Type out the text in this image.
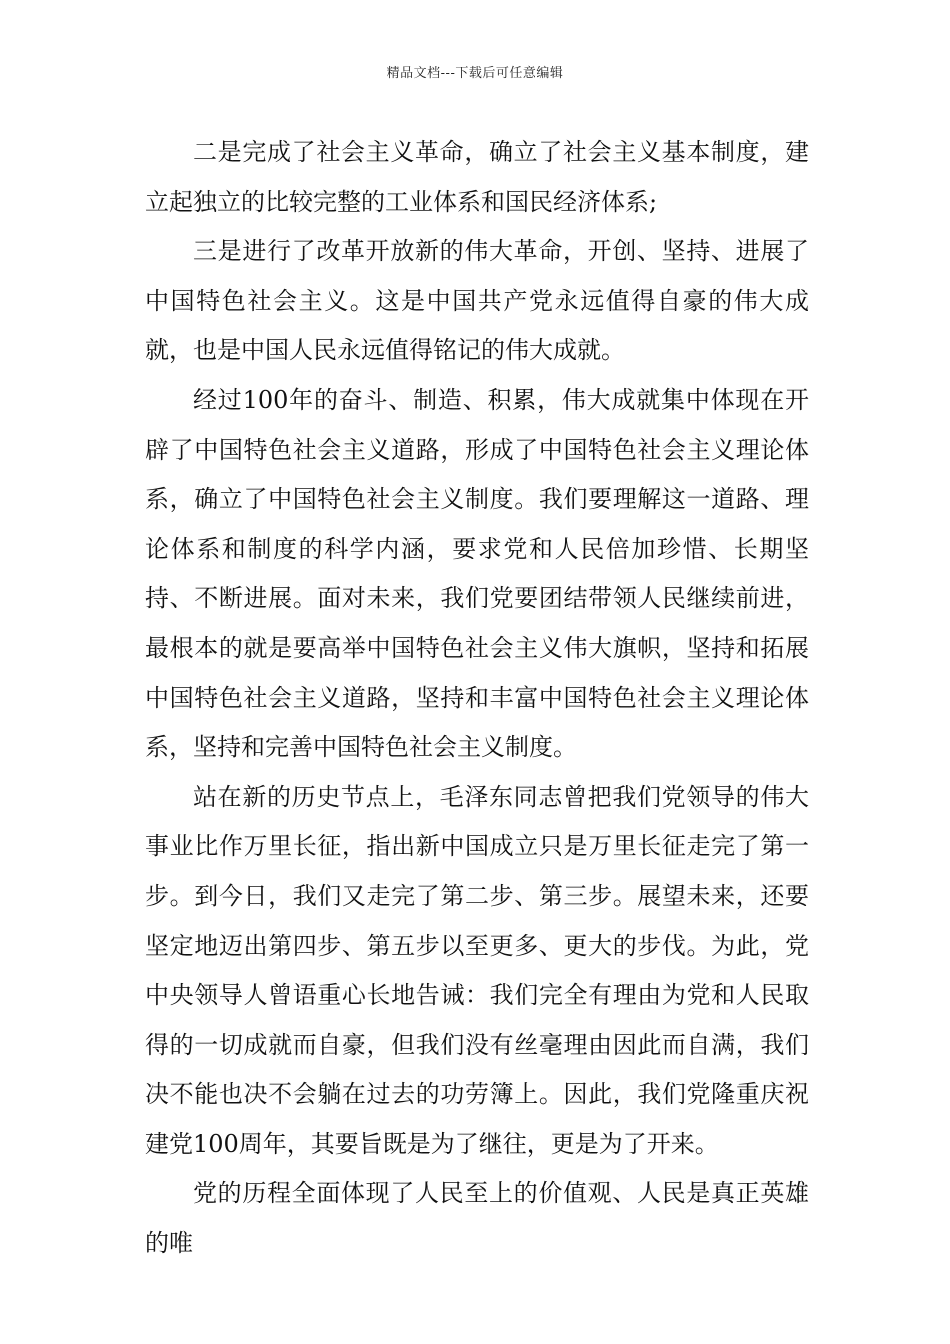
精品文档---下载后可任意编辑

二是完成了社会主义革命，确立了社会主义基本制度，建立起独立的比较完整的工业体系和国民经济体系;

三是进行了改革开放新的伟大革命，开创、坚持、进展了中国特色社会主义。这是中国共产党永远值得自豪的伟大成就，也是中国人民永远值得铭记的伟大成就。

经过100年的奋斗、制造、积累，伟大成就集中体现在开辟了中国特色社会主义道路，形成了中国特色社会主义理论体系，确立了中国特色社会主义制度。我们要理解这一道路、理论体系和制度的科学内涵，要求党和人民倍加珍惜、长期坚持、不断进展。面对未来，我们党要团结带领人民继续前进，最根本的就是要高举中国特色社会主义伟大旗帜，坚持和拓展中国特色社会主义道路，坚持和丰富中国特色社会主义理论体系，坚持和完善中国特色社会主义制度。

站在新的历史节点上，毛泽东同志曾把我们党领导的伟大事业比作万里长征，指出新中国成立只是万里长征走完了第一步。到今日，我们又走完了第二步、第三步。展望未来，还要坚定地迈出第四步、第五步以至更多、更大的步伐。为此，党中央领导人曾语重心长地告诫：我们完全有理由为党和人民取得的一切成就而自豪，但我们没有丝毫理由因此而自满，我们决不能也决不会躺在过去的功劳簿上。因此，我们党隆重庆祝建党100周年，其要旨既是为了继往，更是为了开来。

党的历程全面体现了人民至上的价值观、人民是真正英雄的唯
